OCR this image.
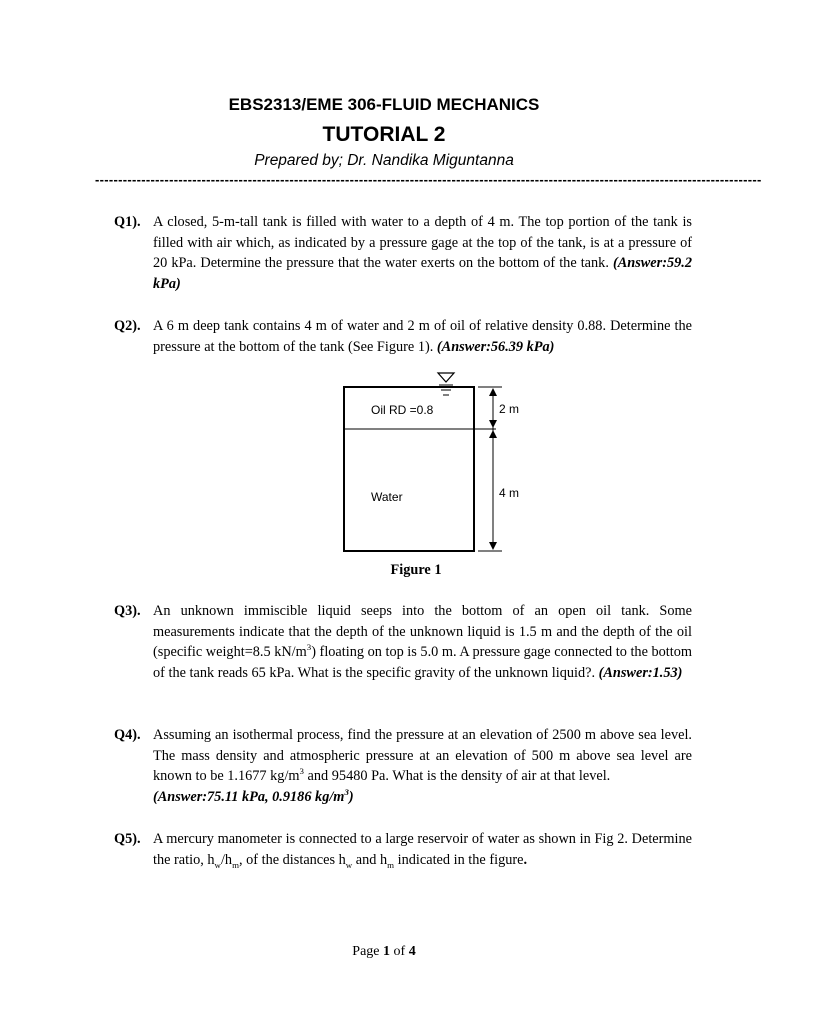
EBS2313/EME 306-FLUID MECHANICS
TUTORIAL 2
Prepared by; Dr. Nandika Miguntanna
------------------------------------------------------------------------------------------------------------------------------------------------
Q1). A closed, 5-m-tall tank is filled with water to a depth of 4 m. The top portion of the tank is filled with air which, as indicated by a pressure gage at the top of the tank, is at a pressure of 20 kPa. Determine the pressure that the water exerts on the bottom of the tank. (Answer:59.2 kPa)
Q2). A 6 m deep tank contains 4 m of water and 2 m of oil of relative density 0.88. Determine the pressure at the bottom of the tank (See Figure 1). (Answer:56.39 kPa)
Oil RD =0.8
Water
2 m
4 m
Figure 1
Q3). An unknown immiscible liquid seeps into the bottom of an open oil tank. Some measurements indicate that the depth of the unknown liquid is 1.5 m and the depth of the oil (specific weight=8.5 $kN/m^3$) floating on top is 5.0 m. A pressure gage connected to the bottom of the tank reads 65 kPa. What is the specific gravity of the unknown liquid?. (Answer:1.53)
Q4). Assuming an isothermal process, find the pressure at an elevation of 2500 m above sea level. The mass density and atmospheric pressure at an elevation of 500 m above sea level are known to be 1.1677 $kg/m^3$ and 95480 Pa. What is the density of air at that level.
(Answer:75.11 kPa, 0.9186 $kg/m^3$)
Q5). A mercury manometer is connected to a large reservoir of water as shown in Fig 2. Determine the ratio, $h_w/h_m$, of the distances $h_w$ and $h_m$ indicated in the figure.
Page 1 of 4
